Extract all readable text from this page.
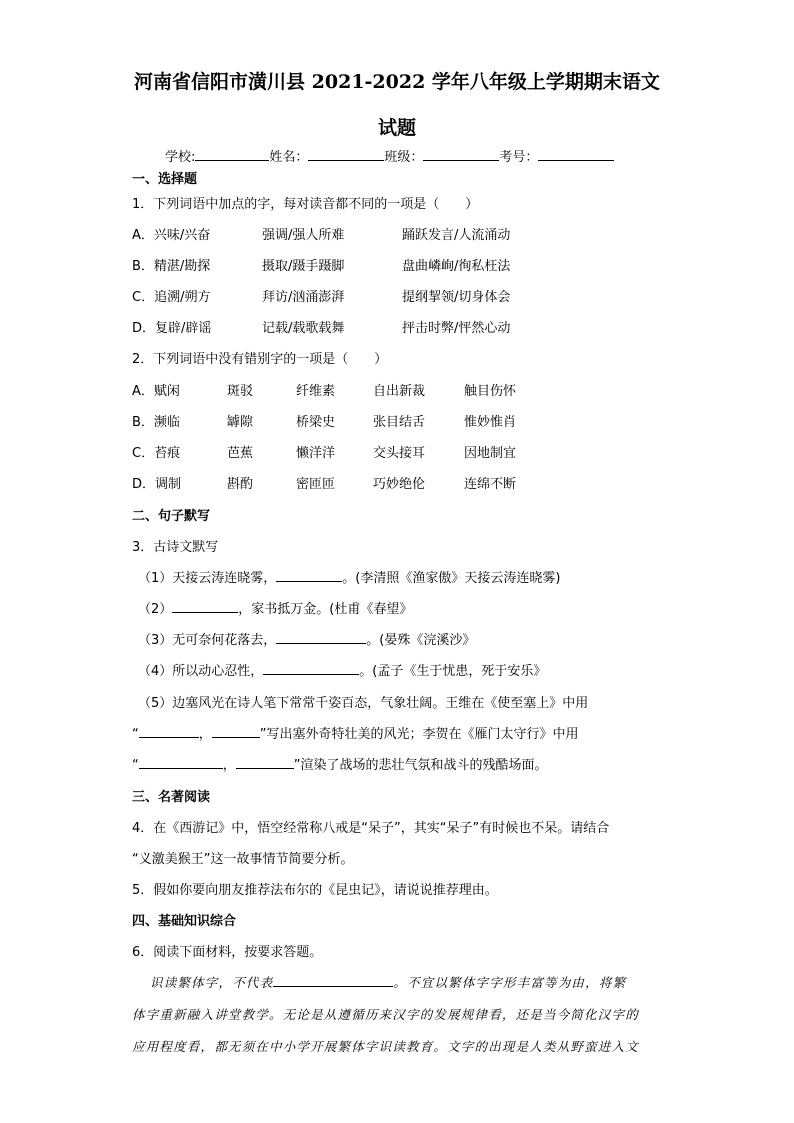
河南省信阳市潢川县 2021-2022 学年八年级上学期期末语文
试题
学校:	姓名：	班级：	考号：
一、选择题
1．下列词语中加点的字，每对读音都不同的一项是（　　）
A．兴味/兴奋	强调/强人所难	踊跃发言/人流涌动
B．精湛/勘探	摄取/蹑手蹑脚	盘曲嶙峋/徇私枉法
C．追溯/朔方	拜访/汹涌澎湃	提纲挈领/切身体会
D．复辟/辟谣	记载/载歌载舞	抨击时弊/怦然心动
2．下列词语中没有错别字的一项是（　　）
A．赋闲	斑驳	纤维素	自出新裁	触目伤怀
B．濒临	罅隙	桥梁史	张目结舌	惟妙惟肖
C．苔痕	芭蕉	懒洋洋	交头接耳	因地制宜
D．调制	斟酌	密匝匝	巧妙绝伦	连绵不断
二、句子默写
3．古诗文默写
（1）天接云涛连晓雾，	。(李清照《渔家傲》天接云涛连晓雾)
（2）	，家书抵万金。(杜甫《春望》
（3）无可奈何花落去，	。(晏殊《浣溪沙》
（4）所以动心忍性，	。(孟子《生于忧患，死于安乐》
（5）边塞风光在诗人笔下常常千姿百态，气象壮阔。王维在《使至塞上》中用
“	，	”写出塞外奇特壮美的风光；李贺在《雁门太守行》中用
“	，	”渲染了战场的悲壮气氛和战斗的残酷场面。
三、名著阅读
4．在《西游记》中，悟空经常称八戒是“呆子”，其实“呆子”有时候也不呆。请结合
“义激美猴王”这一故事情节简要分析。
5．假如你要向朋友推荐法布尔的《昆虫记》，请说说推荐理由。
四、基础知识综合
6．阅读下面材料，按要求答题。
识读繁体字，不代表	。不宜以繁体字字形丰富等为由，将繁
体字重新融入讲堂教学。无论是从遵循历来汉字的发展规律看，还是当今简化汉字的
应用程度看，都无须在中小学开展繁体字识读教育。文字的出现是人类从野蛮进入文
